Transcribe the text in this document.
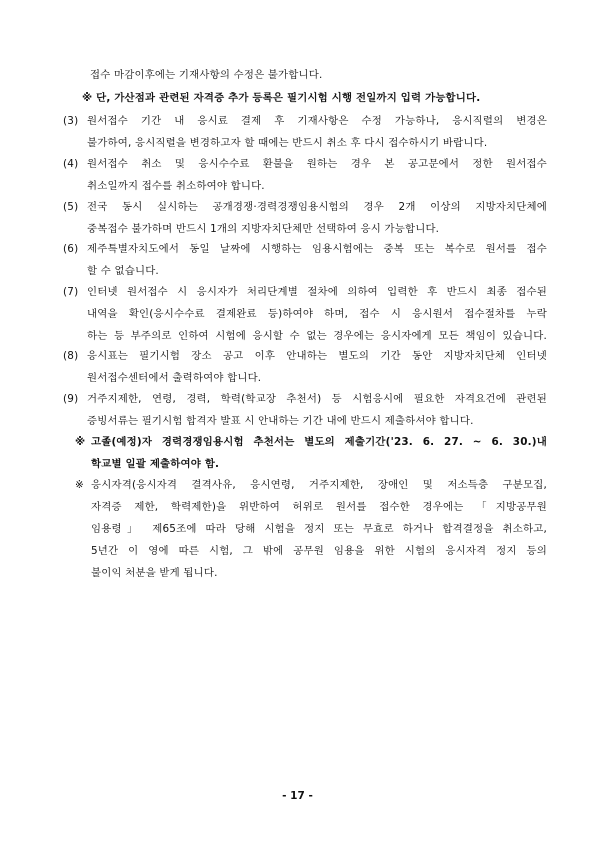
접수 마감이후에는 기재사항의 수정은 불가합니다.
※ 단, 가산점과 관련된 자격증 추가 등록은 필기시험 시행 전일까지 입력 가능합니다.
(3) 원서접수 기간 내 응시료 결제 후 기재사항은 수정 가능하나, 응시직렬의 변경은
불가하여, 응시직렬을 변경하고자 할 때에는 반드시 취소 후 다시 접수하시기 바랍니다.
(4) 원서접수 취소 및 응시수수료 환불을 원하는 경우 본 공고문에서 정한 원서접수
취소일까지 접수를 취소하여야 합니다.
(5) 전국 동시 실시하는 공개경쟁·경력경쟁임용시험의 경우 2개 이상의 지방자치단체에
중복접수 불가하며 반드시 1개의 지방자치단체만 선택하여 응시 가능합니다.
(6) 제주특별자치도에서 동일 날짜에 시행하는 임용시험에는 중복 또는 복수로 원서를 접수
할 수 없습니다.
(7) 인터넷 원서접수 시 응시자가 처리단계별 절차에 의하여 입력한 후 반드시 최종 접수된
내역을 확인(응시수수료 결제완료 등)하여야 하며, 접수 시 응시원서 접수절차를 누락
하는 등 부주의로 인하여 시험에 응시할 수 없는 경우에는 응시자에게 모든 책임이 있습니다.
(8) 응시표는 필기시험 장소 공고 이후 안내하는 별도의 기간 동안 지방자치단체 인터넷
원서접수센터에서 출력하여야 합니다.
(9) 거주지제한, 연령, 경력, 학력(학교장 추천서) 등 시험응시에 필요한 자격요건에 관련된
증빙서류는 필기시험 합격자 발표 시 안내하는 기간 내에 반드시 제출하셔야 합니다.
※ 고졸(예정)자 경력경쟁임용시험 추천서는 별도의 제출기간('23. 6. 27. ~ 6. 30.)내
학교별 일괄 제출하여야 함.
※ 응시자격(응시자격 결격사유, 응시연령, 거주지제한, 장애인 및 저소득층 구분모집,
자격증 제한, 학력제한)을 위반하여 허위로 원서를 접수한 경우에는 「지방공무원
임용령」 제65조에 따라 당해 시험을 정지 또는 무효로 하거나 합격결정을 취소하고,
5년간 이 영에 따른 시험, 그 밖에 공무원 임용을 위한 시험의 응시자격 정지 등의
불이익 처분을 받게 됩니다.
- 17 -
